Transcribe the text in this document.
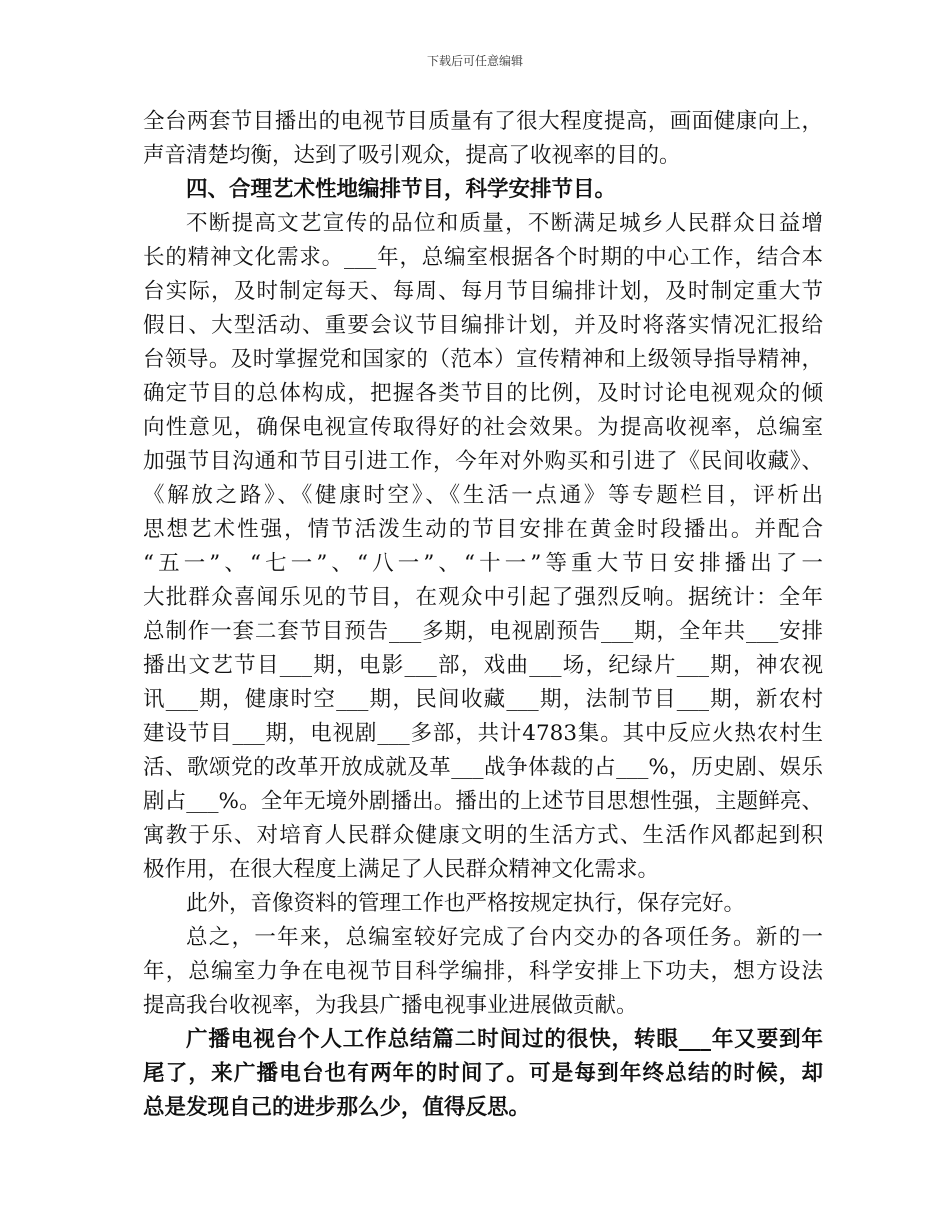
下载后可任意编辑
全台两套节目播出的电视节目质量有了很大程度提高，画面健康向上，
声音清楚均衡，达到了吸引观众，提高了收视率的目的。
四、合理艺术性地编排节目，科学安排节目。
不断提高文艺宣传的品位和质量，不断满足城乡人民群众日益增
长的精神文化需求。___年，总编室根据各个时期的中心工作，结合本
台实际，及时制定每天、每周、每月节目编排计划，及时制定重大节
假日、大型活动、重要会议节目编排计划，并及时将落实情况汇报给
台领导。及时掌握党和国家的（范本）宣传精神和上级领导指导精神，
确定节目的总体构成，把握各类节目的比例，及时讨论电视观众的倾
向性意见，确保电视宣传取得好的社会效果。为提高收视率，总编室
加强节目沟通和节目引进工作，今年对外购买和引进了《民间收藏》、
《解放之路》、《健康时空》、《生活一点通》等专题栏目，评析出
思想艺术性强，情节活泼生动的节目安排在黄金时段播出。并配合
“五一”、“七一”、“八一”、“十一”等重大节日安排播出了一
大批群众喜闻乐见的节目，在观众中引起了强烈反响。据统计：全年
总制作一套二套节目预告___多期，电视剧预告___期，全年共___安排
播出文艺节目___期，电影___部，戏曲___场，纪绿片___期，神农视
讯___期，健康时空___期，民间收藏___期，法制节目___期，新农村
建设节目___期，电视剧___多部，共计4783集。其中反应火热农村生
活、歌颂党的改革开放成就及革___战争体裁的占___%，历史剧、娱乐
剧占___%。全年无境外剧播出。播出的上述节目思想性强，主题鲜亮、
寓教于乐、对培育人民群众健康文明的生活方式、生活作风都起到积
极作用，在很大程度上满足了人民群众精神文化需求。
此外，音像资料的管理工作也严格按规定执行，保存完好。
总之，一年来，总编室较好完成了台内交办的各项任务。新的一
年，总编室力争在电视节目科学编排，科学安排上下功夫，想方设法
提高我台收视率，为我县广播电视事业进展做贡献。
广播电视台个人工作总结篇二时间过的很快，转眼___年又要到年
尾了，来广播电台也有两年的时间了。可是每到年终总结的时候，却
总是发现自己的进步那么少，值得反思。
